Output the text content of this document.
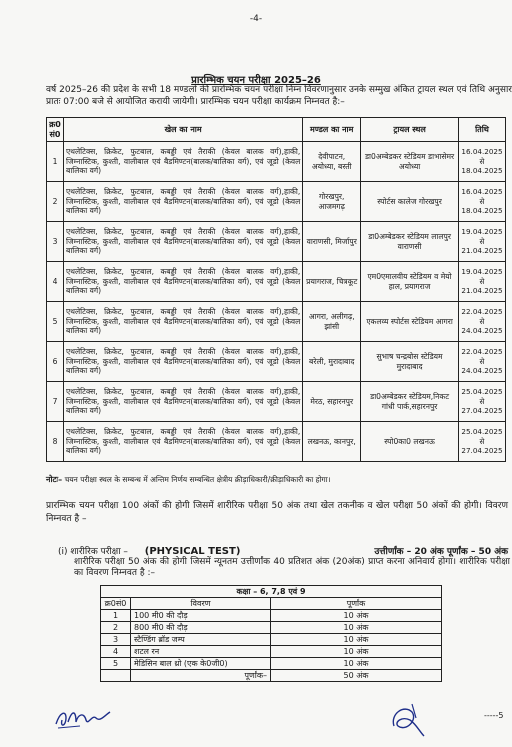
-4-
प्रारम्भिक चयन परीक्षा 2025–26
वर्ष 2025–26 की प्रदेश के सभी 18 मण्डलों की प्रारम्भिक चयन परीक्षा निम्न विवरणानुसार उनके सम्मुख अंकित ट्रायल स्थल एवं तिथि अनुसार प्रातः 07:00 बजे से आयोजित करायी जायेगी। प्रारम्भिक चयन परीक्षा कार्यक्रम निम्नवत है:–
क्र0 सं0	खेल का नाम	मण्डल का नाम	ट्रायल स्थल	तिथि
1	एथलेटिक्स, क्रिकेट, फुटबाल, कबड्डी एवं तैराकी (केवल बालक वर्ग),हाकी, जिम्नास्टिक, कुश्ती, वालीबाल एवं बैडमिण्टन(बालक/बालिका वर्ग), एवं जूडो (केवल बालिका वर्ग)	देवीपाटन, अयोध्या, बस्ती	डा0अम्बेडकर स्टेडियम डाभासेमर अयोध्या	16.04.2025
से
18.04.2025

2	एथलेटिक्स, क्रिकेट, फुटबाल, कबड्डी एवं तैराकी (केवल बालक वर्ग),हाकी, जिम्नास्टिक, कुश्ती, वालीबाल एवं बैडमिण्टन(बालक/बालिका वर्ग), एवं जूडो (केवल बालिका वर्ग)	गोरखपुर, आजमगढ़	स्पोर्टस कालेज गोरखपुर	16.04.2025
से
18.04.2025

3	एथलेटिक्स, क्रिकेट, फुटबाल, कबड्डी एवं तैराकी (केवल बालक वर्ग),हाकी, जिम्नास्टिक, कुश्ती, वालीबाल एवं बैडमिण्टन(बालक/बालिका वर्ग), एवं जूडो (केवल बालिका वर्ग)	वाराणसी, मिर्जापुर	डा0अम्बेडकर स्टेडियम लालपुर वाराणसी	19.04.2025
से
21.04.2025

4	एथलेटिक्स, क्रिकेट, फुटबाल, कबड्डी एवं तैराकी (केवल बालक वर्ग),हाकी, जिम्नास्टिक, कुश्ती, वालीबाल एवं बैडमिण्टन(बालक/बालिका वर्ग), एवं जूडो (केवल बालिका वर्ग)	प्रयागराज, चित्रकूट	एम0एमालवीय स्टेडियम व मेयो हाल, प्रयागराज	19.04.2025
से
21.04.2025

5	एथलेटिक्स, क्रिकेट, फुटबाल, कबड्डी एवं तैराकी (केवल बालक वर्ग),हाकी, जिम्नास्टिक, कुश्ती, वालीबाल एवं बैडमिण्टन(बालक/बालिका वर्ग), एवं जूडो (केवल बालिका वर्ग)	आगरा, अलीगढ़, झांसी	एकलव्य स्पोर्टस स्टेडियम आगरा	22.04.2025
से
24.04.2025

6	एथलेटिक्स, क्रिकेट, फुटबाल, कबड्डी एवं तैराकी (केवल बालक वर्ग),हाकी, जिम्नास्टिक, कुश्ती, वालीबाल एवं बैडमिण्टन(बालक/बालिका वर्ग), एवं जूडो (केवल बालिका वर्ग)	बरेली, मुरादाबाद	सुभाष चन्द्रबोस स्टेडियम मुरादाबाद	22.04.2025
से
24.04.2025

7	एथलेटिक्स, क्रिकेट, फुटबाल, कबड्डी एवं तैराकी (केवल बालक वर्ग),हाकी, जिम्नास्टिक, कुश्ती, वालीबाल एवं बैडमिण्टन(बालक/बालिका वर्ग), एवं जूडो (केवल बालिका वर्ग)	मेरठ, सहारनपुर	डा0अम्बेडकर स्टेडियम,निकट गांधी पार्क,सहारनपुर	25.04.2025
से
27.04.2025

8	एथलेटिक्स, क्रिकेट, फुटबाल, कबड्डी एवं तैराकी (केवल बालक वर्ग),हाकी, जिम्नास्टिक, कुश्ती, वालीबाल एवं बैडमिण्टन(बालक/बालिका वर्ग), एवं जूडो (केवल बालिका वर्ग)	लखनऊ, कानपुर,	स्पो0का0 लखनऊ	25.04.2025
से
27.04.2025
नोटः– चयन परीक्षा स्थल के सम्बन्ध में अन्तिम निर्णय सम्बन्धित क्षेत्रीय क्रीड़ाधिकारी/क्रीड़ाधिकारी का होगा।
प्रारम्भिक चयन परीक्षा 100 अंकों की होगी जिसमें शारीरिक परीक्षा 50 अंक तथा खेल तकनीक व खेल परीक्षा 50 अंकों की होगी। विवरण निम्नवत है –
(i) शारीरिक परीक्षा – (PHYSICAL TEST)	उत्तीर्णांक – 20 अंक पूर्णांक – 50 अंक
शारीरिक परीक्षा 50 अंक की होगी जिसमें न्यूनतम उत्तीर्णांक 40 प्रतिशत अंक (20अंक) प्राप्त करना अनिवार्य होगा। शारीरिक परीक्षा का विवरण निम्नवत है :–
कक्षा – 6, 7,8 एवं 9		
क्र0सं0	विवरण	पूर्णांक
1	100 मी0 की दौड़	10 अंक
2	800 मी0 की दौड़	10 अंक
3	स्टैण्डिंग ब्रॉड जम्प	10 अंक
4	शटल रन	10 अंक
5	मेडिसिन बाल थ्रो (एक के0जी0)	10 अंक
	पूर्णांक–	50 अंक
-----5
